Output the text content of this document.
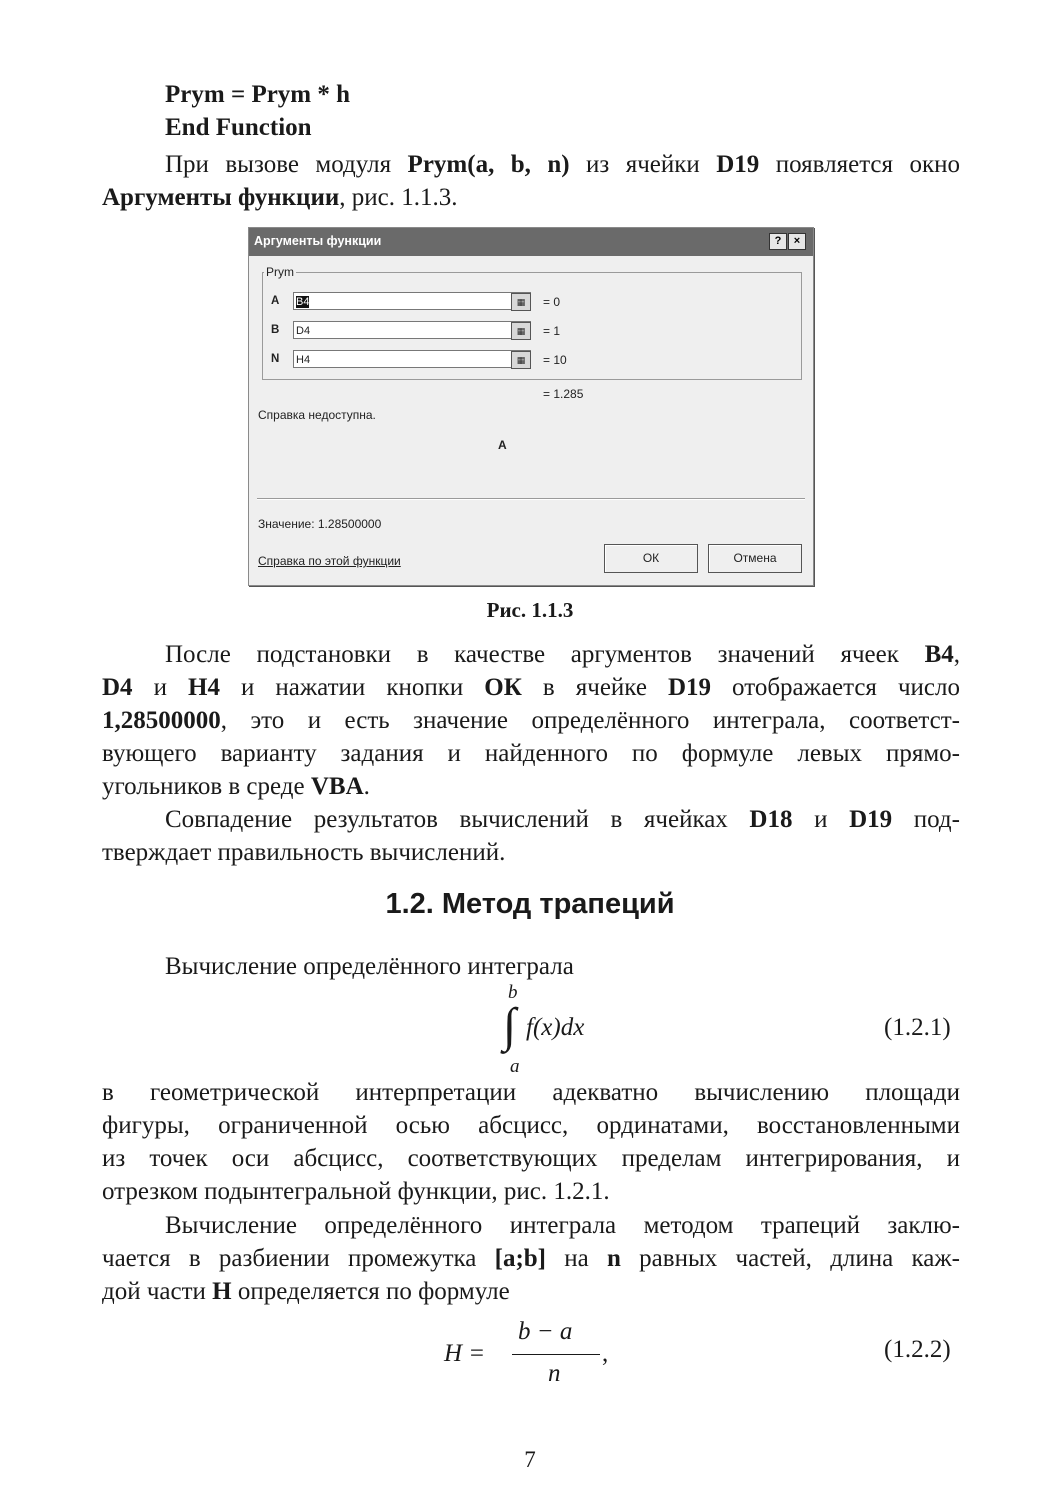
Prym = Prym * h
End Function
При вызове модуля Prym(a, b, n) из ячейки D19 появляется окно
Аргументы функции, рис. 1.1.3.
Аргументы функции	?	×
Prym
A B4	▦	= 0
B D4	▦	= 1
N H4	▦	= 10
= 1.285
Справка недоступна.
A
Значение: 1.28500000
Справка по этой функции	ОК	Отмена
Рис. 1.1.3
После подстановки в качестве аргументов значений ячеек B4,
D4 и H4 и нажатии кнопки ОК в ячейке D19 отображается число
1,28500000, это и есть значение определённого интеграла, соответст-
вующего варианту задания и найденного по формуле левых прямо-
угольников в среде VBA.
Совпадение результатов вычислений в ячейках D18 и D19 под-
тверждает правильность вычислений.
1.2. Метод трапеций
Вычисление определённого интеграла
b
∫
a
f(x)dx	(1.2.1)
в геометрической интерпретации адекватно вычислению площади
фигуры, ограниченной осью абсцисс, ординатами, восстановленными
из точек оси абсцисс, соответствующих пределам интегрирования, и
отрезком подынтегральной функции, рис. 1.2.1.
Вычисление определённого интеграла методом трапеций заклю-
чается в разбиении промежутка [a;b] на n равных частей, длина каж-
дой части H определяется по формуле
H =
b − a
n
,	(1.2.2)
7
